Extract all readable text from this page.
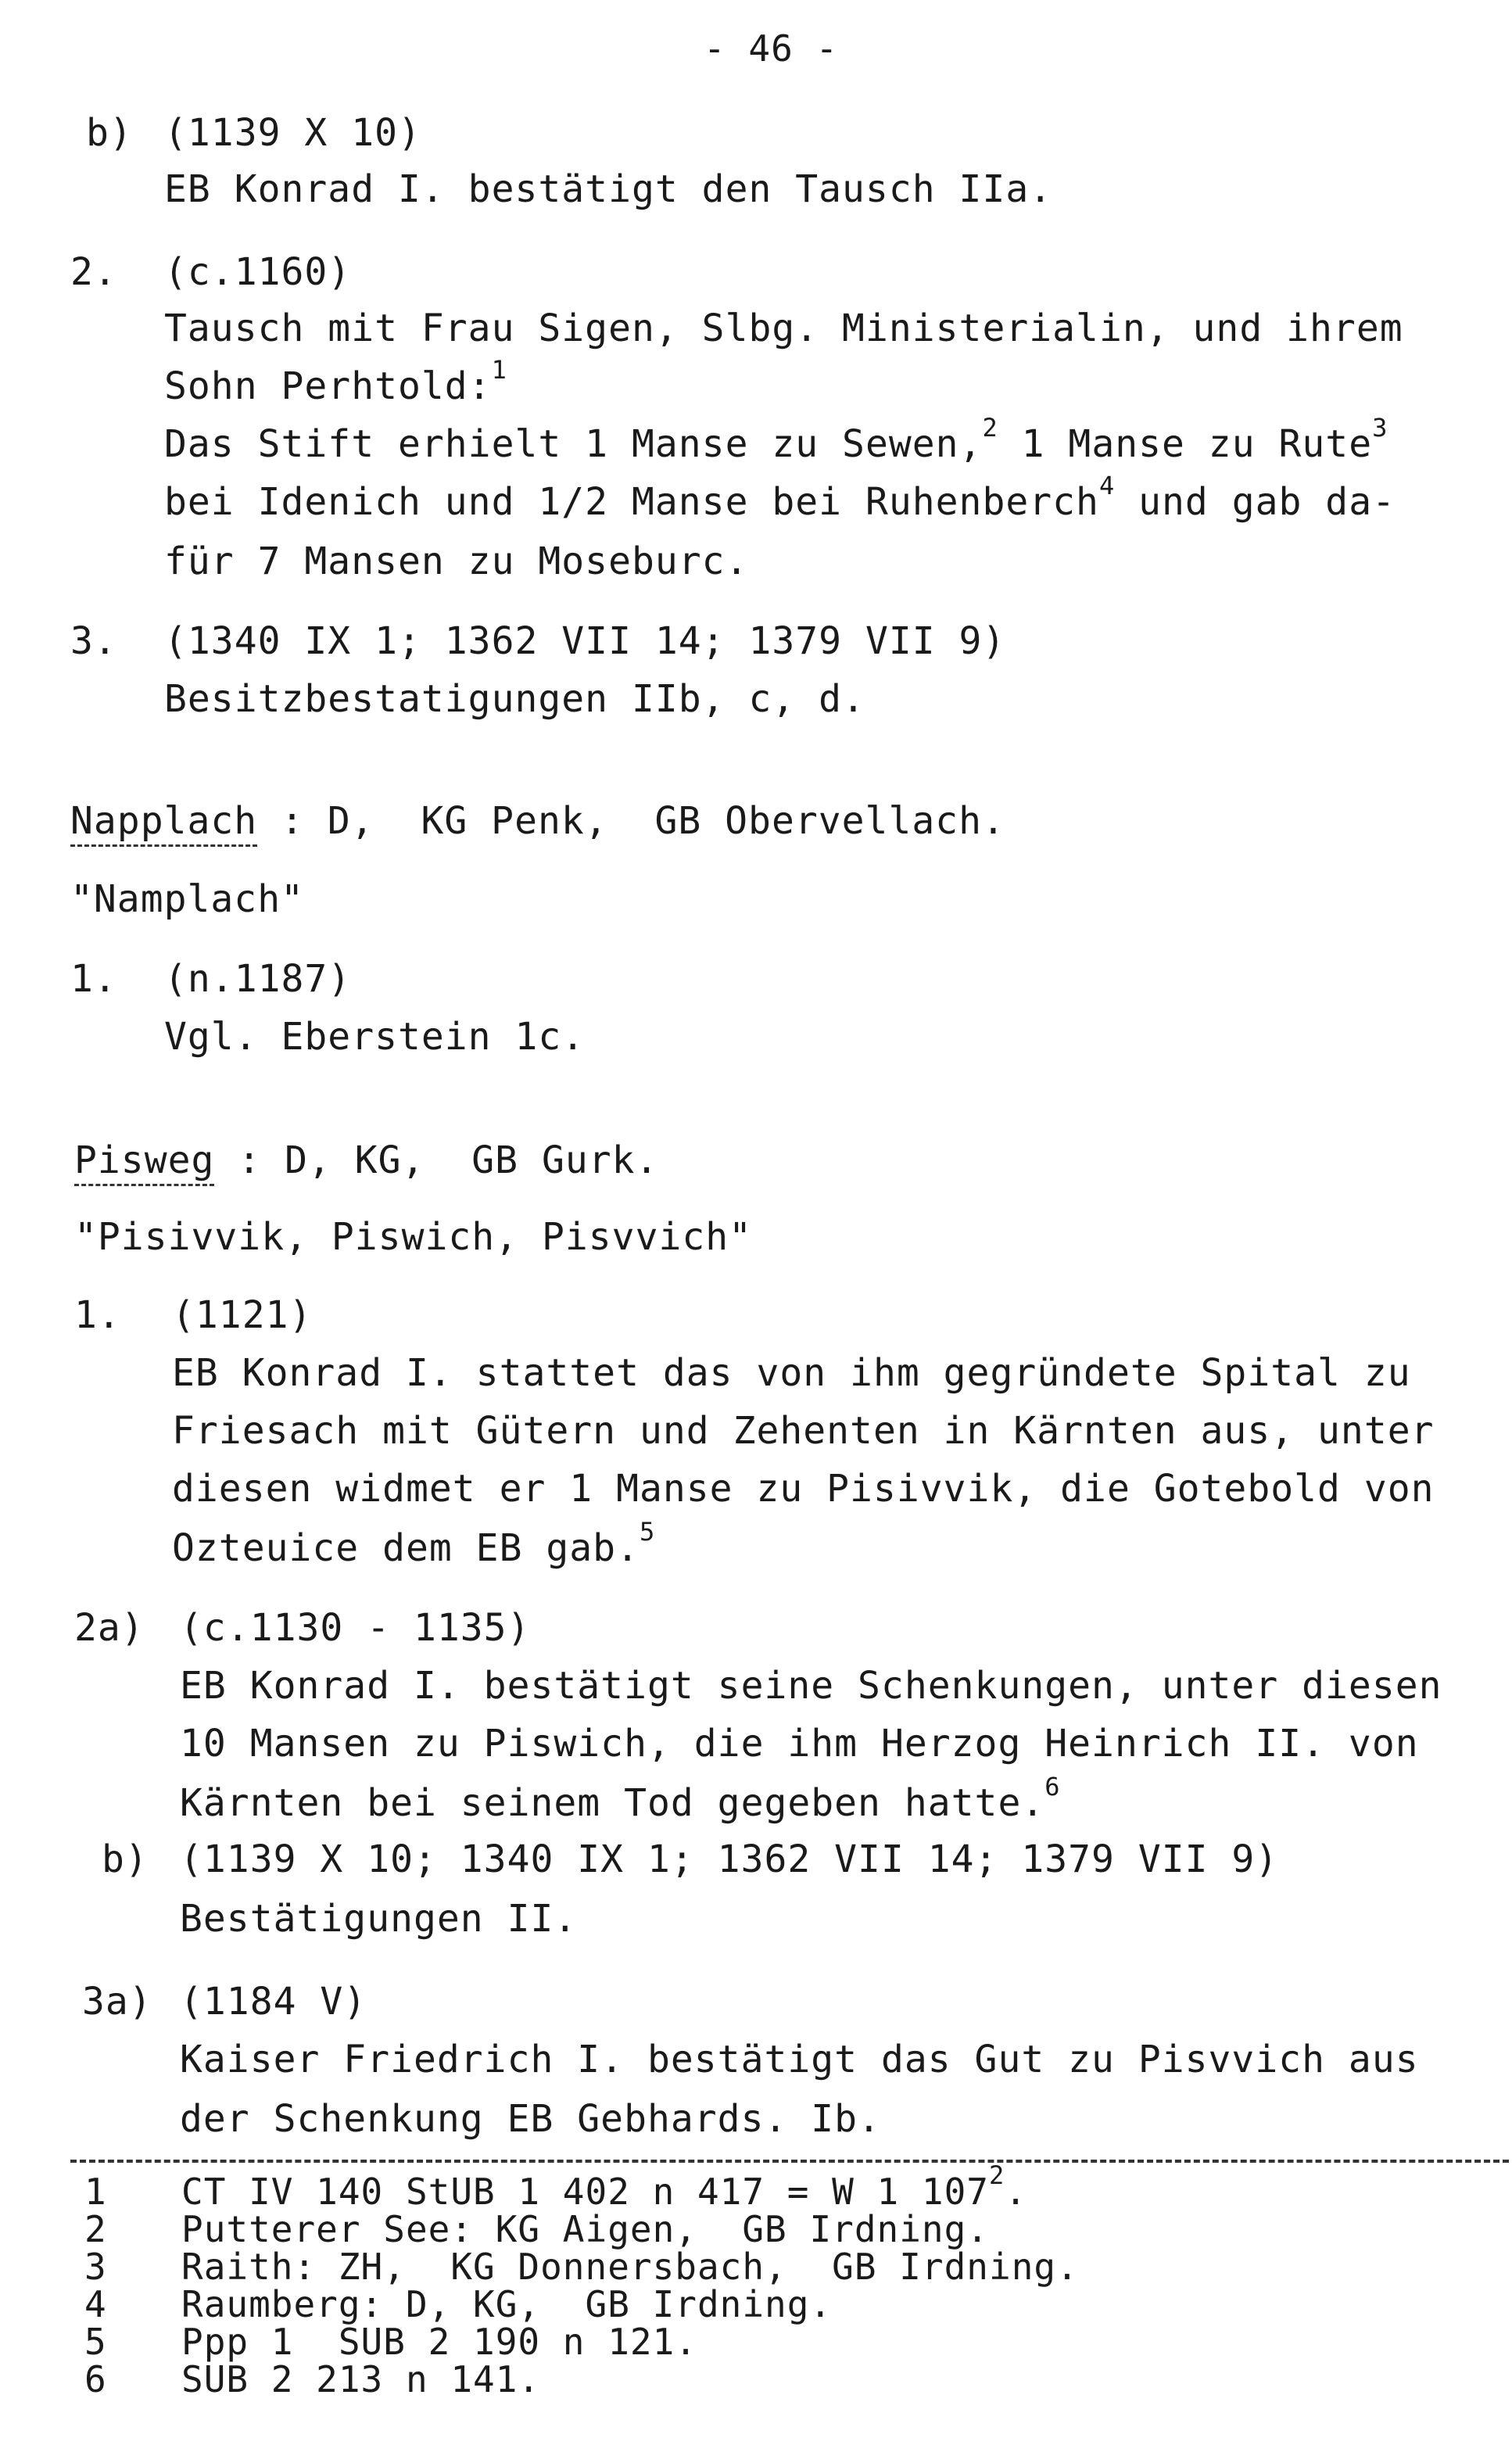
- 46 -
b) (1139 X 10)
EB Konrad I. bestätigt den Tausch IIa.
2. (c.1160)
Tausch mit Frau Sigen, Slbg. Ministerialin, und ihrem
Sohn Perhtold:$^1$
Das Stift erhielt 1 Manse zu Sewen,$^2$ 1 Manse zu Rute$^3$
bei Idenich und 1/2 Manse bei Ruhenberch$^4$ und gab da-
für 7 Mansen zu Moseburc.
3. (1340 IX 1; 1362 VII 14; 1379 VII 9)
Besitzbestatigungen IIb, c, d.
Napplach : D,  KG Penk,  GB Obervellach.
"Namplach"
1. (n.1187)
Vgl. Eberstein 1c.
Pisweg : D, KG,  GB Gurk.
"Pisivvik, Piswich, Pisvvich"
1. (1121)
EB Konrad I. stattet das von ihm gegründete Spital zu
Friesach mit Gütern und Zehenten in Kärnten aus, unter
diesen widmet er 1 Manse zu Pisivvik, die Gotebold von
Ozteuice dem EB gab.$^5$
2a) (c.1130 - 1135)
EB Konrad I. bestätigt seine Schenkungen, unter diesen
10 Mansen zu Piswich, die ihm Herzog Heinrich II. von
Kärnten bei seinem Tod gegeben hatte.$^6$
b) (1139 X 10; 1340 IX 1; 1362 VII 14; 1379 VII 9)
Bestätigungen II.
3a) (1184 V)
Kaiser Friedrich I. bestätigt das Gut zu Pisvvich aus
der Schenkung EB Gebhards. Ib.
1 CT IV 140 StUB 1 402 n 417 = W 1 $107^2$.
2 Putterer See: KG Aigen,  GB Irdning.
3 Raith: ZH,  KG Donnersbach,  GB Irdning.
4 Raumberg: D, KG,  GB Irdning.
5 Ppp 1  SUB 2 190 n 121.
6 SUB 2 213 n 141.
